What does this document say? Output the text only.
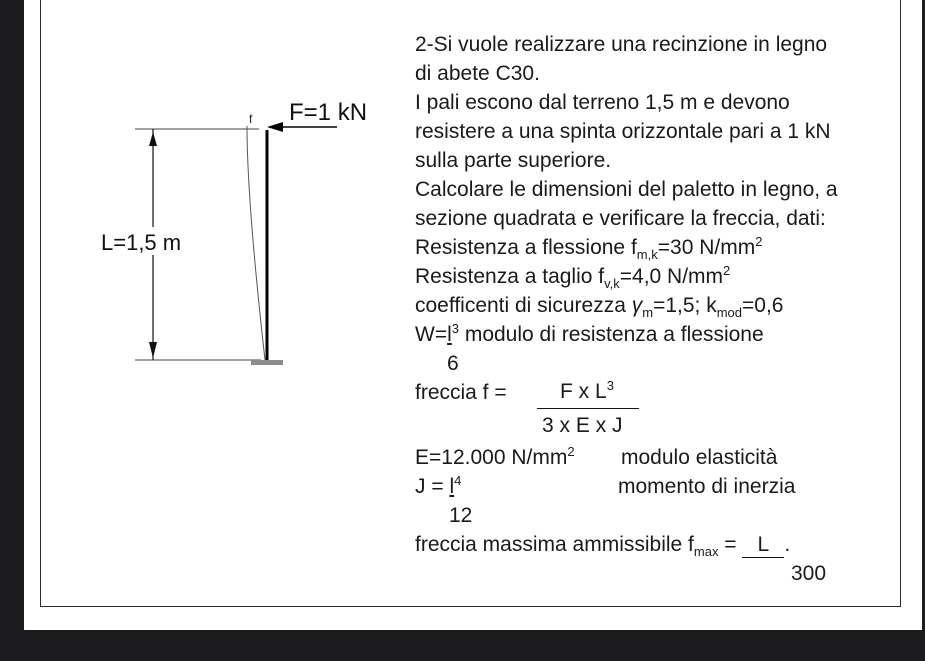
F=1 kN
f
L=1,5 m
2-Si vuole realizzare una recinzione in legno
di abete C30.
I pali escono dal terreno 1,5 m e devono
resistere a una spinta orizzontale pari a 1 kN
sulla parte superiore.
Calcolare le dimensioni del paletto in legno, a
sezione quadrata e verificare la freccia, dati:
Resistenza a flessione $f_{m,k}=30$ $N/mm^2$
Resistenza a taglio $f_{v,k}=4,0$ $N/mm^2$
coefficenti di sicurezza $\gamma_m=1,5$; $k_{mod}=0,6$
$W=l^3$ modulo di resistenza a flessione
6
freccia f =	F x $L^3$
3 x E x J
E=12.000 $N/mm^2$ modulo elasticità
$J = l^4$	momento di inerzia
12
freccia massima ammissibile $f_{max} = L$ .
300
